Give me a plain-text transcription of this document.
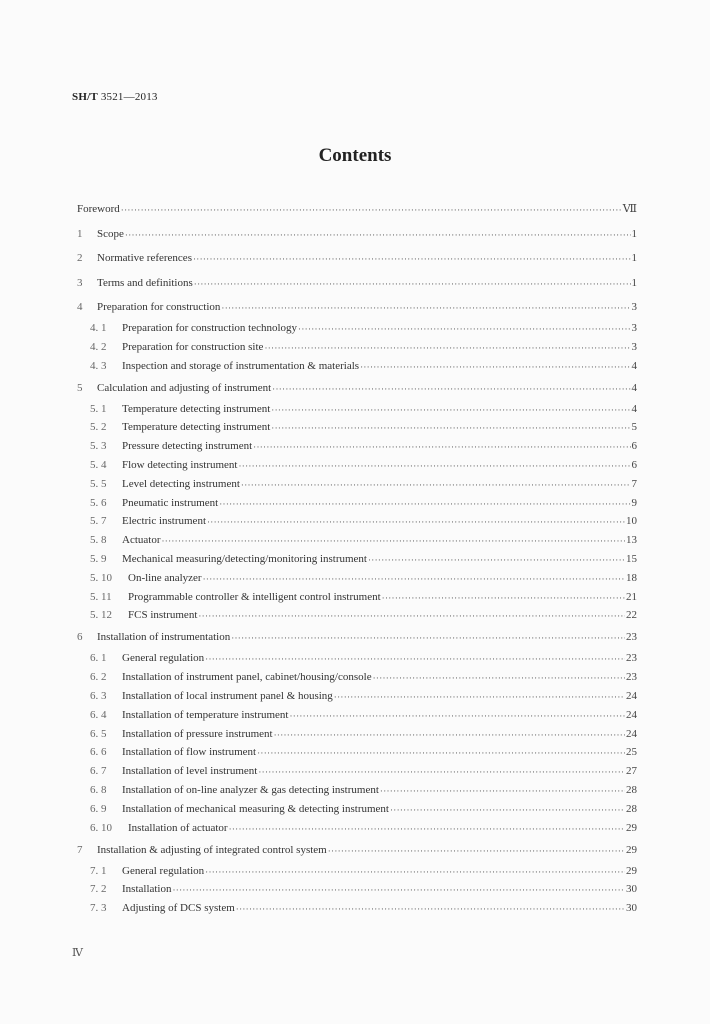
SH/T 3521—2013
Contents
Foreword ·····	Ⅶ
1	Scope ·····	1
2	Normative references ·····	1
3	Terms and definitions ·····	1
4	Preparation for construction ·····	3
4. 1	Preparation for construction technology ·····	3
4. 2	Preparation for construction site ·····	3
4. 3	Inspection and storage of instrumentation & materials ·····	4
5	Calculation and adjusting of instrument ·····	4
5. 1	Temperature detecting instrument ·····	4
5. 2	Temperature detecting instrument ·····	5
5. 3	Pressure detecting instrument ·····	6
5. 4	Flow detecting instrument ·····	6
5. 5	Level detecting instrument ·····	7
5. 6	Pneumatic instrument ·····	9
5. 7	Electric instrument ·····	10
5. 8	Actuator ·····	13
5. 9	Mechanical measuring/detecting/monitoring instrument ·····	15
5. 10	On-line analyzer ·····	18
5. 11	Programmable controller & intelligent control instrument ·····	21
5. 12	FCS instrument ·····	22
6	Installation of instrumentation ·····	23
6. 1	General regulation ·····	23
6. 2	Installation of instrument panel, cabinet/housing/console ·····	23
6. 3	Installation of local instrument panel & housing ·····	24
6. 4	Installation of temperature instrument ·····	24
6. 5	Installation of pressure instrument ·····	24
6. 6	Installation of flow instrument ·····	25
6. 7	Installation of level instrument ·····	27
6. 8	Installation of on-line analyzer & gas detecting instrument ·····	28
6. 9	Installation of mechanical measuring & detecting instrument ·····	28
6. 10	Installation of actuator ·····	29
7	Installation & adjusting of integrated control system ·····	29
7. 1	General regulation ·····	29
7. 2	Installation ·····	30
7. 3	Adjusting of DCS system ·····	30
Ⅳ
